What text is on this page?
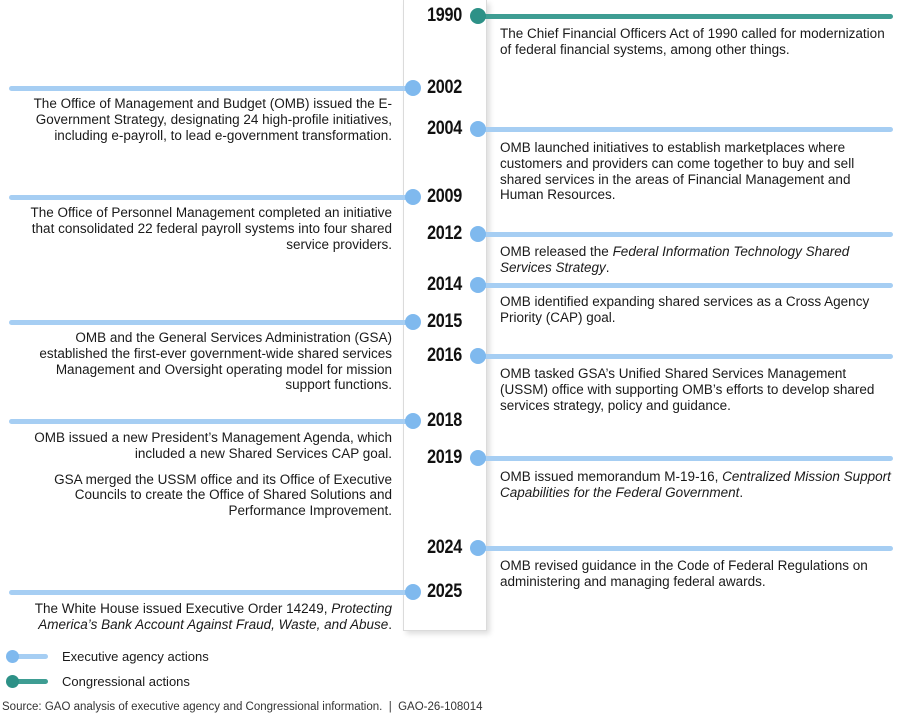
1990

The Chief Financial Officers Act of 1990 called for modernization of federal financial systems, among other things.

2002

The Office of Management and Budget (OMB) issued the E-Government Strategy, designating 24 high-profile initiatives, including e-payroll, to lead e-government transformation.	2004

OMB launched initiatives to establish marketplaces where customers and providers can come together to buy and sell shared services in the areas of Financial Management and Human Resources.

2009

The Office of Personnel Management completed an initiative that consolidated 22 federal payroll systems into four shared service providers.

2012

OMB released the Federal Information Technology Shared Services Strategy.

2014

OMB identified expanding shared services as a Cross Agency Priority (CAP) goal.

2015

OMB and the General Services Administration (GSA) established the first-ever government-wide shared services Management and Oversight operating model for mission support functions.

2016

OMB tasked GSA’s Unified Shared Services Management (USSM) office with supporting OMB’s efforts to develop shared services strategy, policy and guidance.

2018

OMB issued a new President’s Management Agenda, which included a new Shared Services CAP goal.

GSA merged the USSM office and its Office of Executive Councils to create the Office of Shared Solutions and Performance Improvement.

2019

OMB issued memorandum M-19-16, Centralized Mission Support Capabilities for the Federal Government.

2024

OMB revised guidance in the Code of Federal Regulations on administering and managing federal awards.

2025

The White House issued Executive Order 14249, Protecting America’s Bank Account Against Fraud, Waste, and Abuse.

Executive agency actions
Congressional actions
Source: GAO analysis of executive agency and Congressional information.  |  GAO-26-108014
